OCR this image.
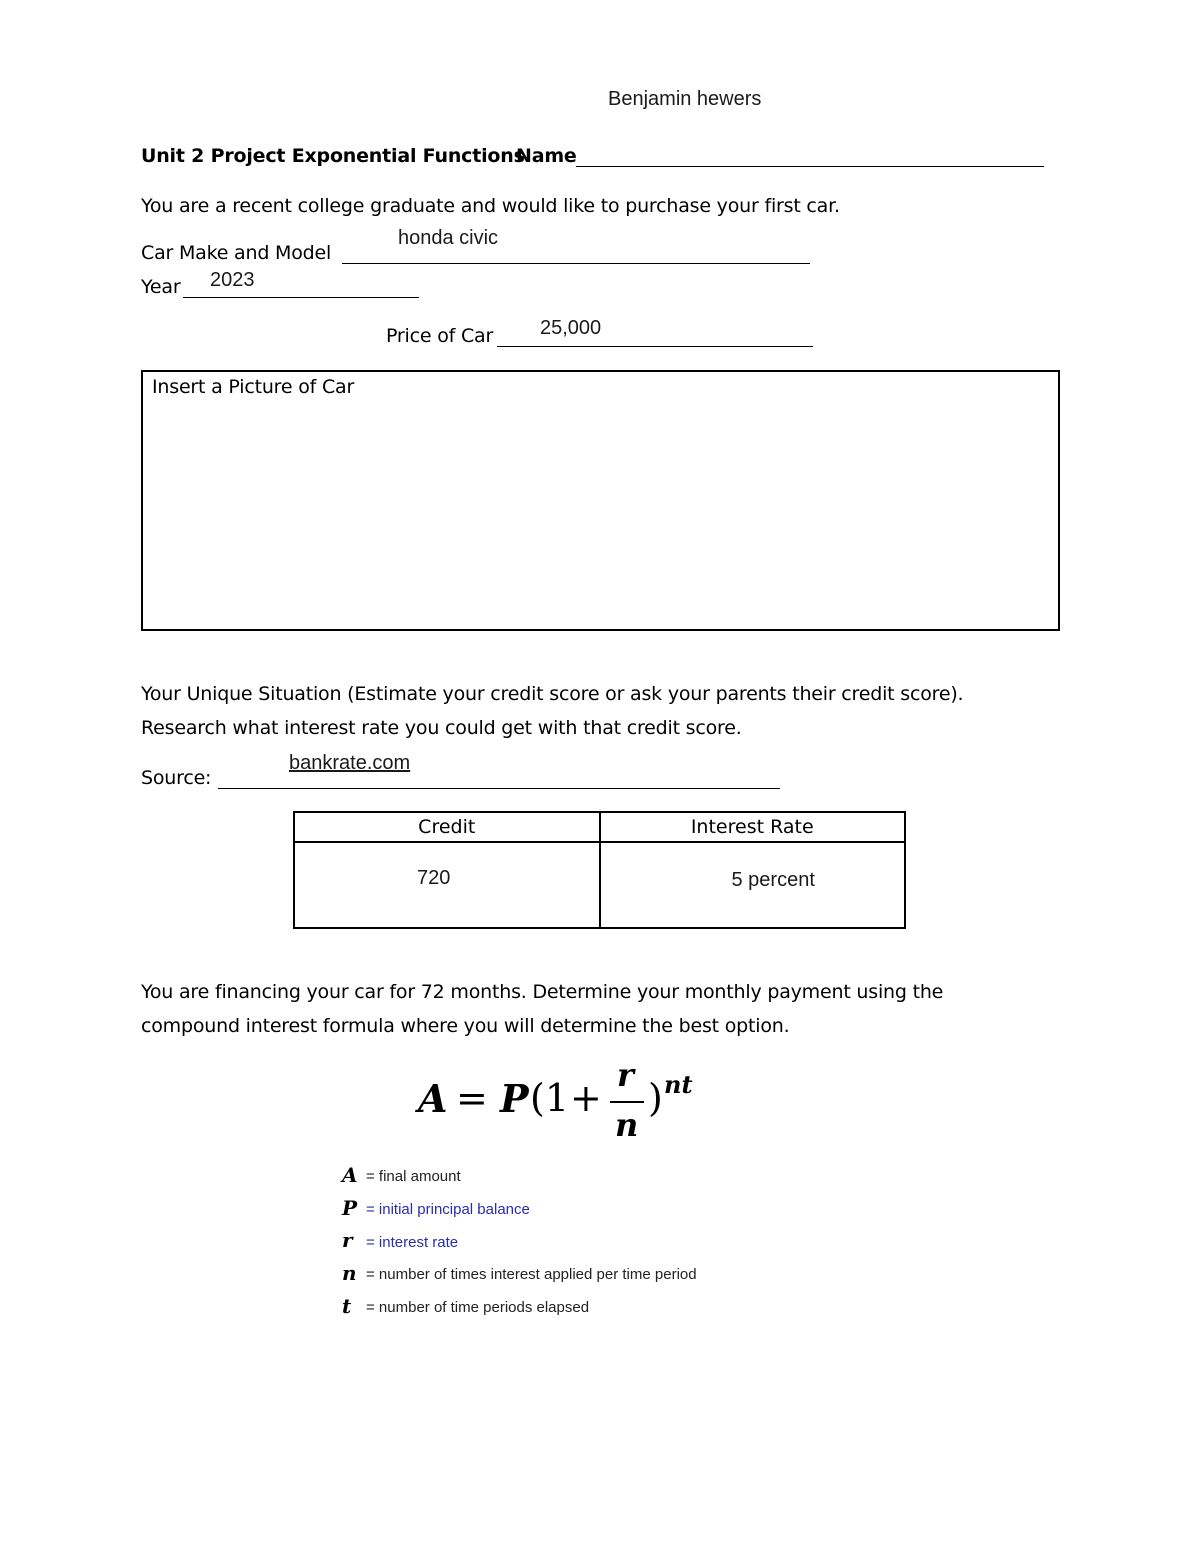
Benjamin hewers
Unit 2 Project Exponential Functions
Name
You are a recent college graduate and would like to purchase your first car.
Car Make and Model
honda civic
Year 2023
Price of Car 25,000
Insert a Picture of Car
Your Unique Situation (Estimate your credit score or ask your parents their credit score).
Research what interest rate you could get with that credit score.
Source:
bankrate.com
Credit	Interest Rate

720	5 percent
You are financing your car for 72 months. Determine your monthly payment using the
compound interest formula where you will determine the best option.
A = P (1 +
r
n
) nt
A = final amount
P = initial principal balance
r = interest rate
n = number of times interest applied per time period
t = number of time periods elapsed
